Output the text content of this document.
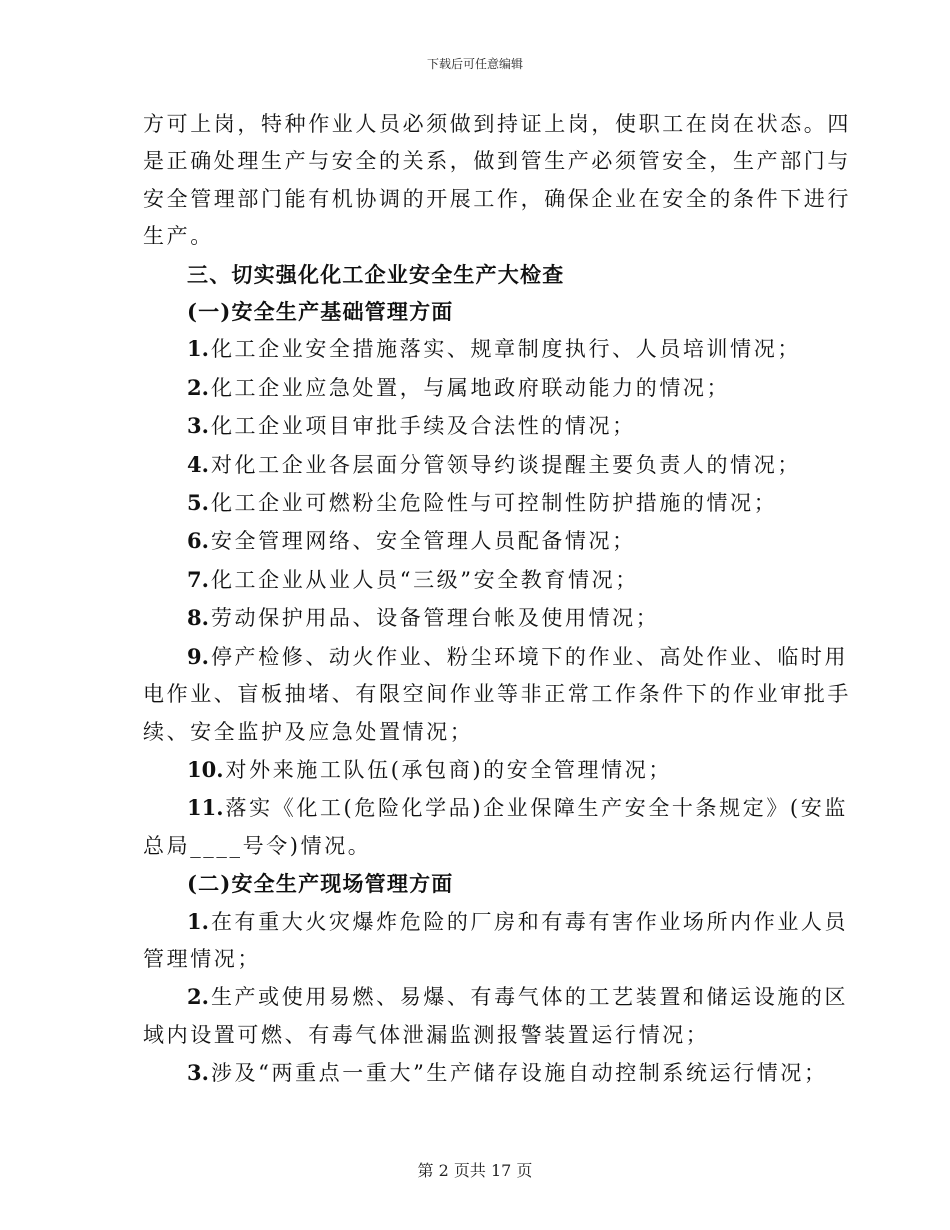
下载后可任意编辑

方可上岗，特种作业人员必须做到持证上岗，使职工在岗在状态。四

是正确处理生产与安全的关系，做到管生产必须管安全，生产部门与

安全管理部门能有机协调的开展工作，确保企业在安全的条件下进行

生产。

三、切实强化化工企业安全生产大检查

(一)安全生产基础管理方面

1.化工企业安全措施落实、规章制度执行、人员培训情况；

2.化工企业应急处置，与属地政府联动能力的情况；

3.化工企业项目审批手续及合法性的情况；

4.对化工企业各层面分管领导约谈提醒主要负责人的情况；

5.化工企业可燃粉尘危险性与可控制性防护措施的情况；

6.安全管理网络、安全管理人员配备情况；

7.化工企业从业人员“三级”安全教育情况；

8.劳动保护用品、设备管理台帐及使用情况；

9.停产检修、动火作业、粉尘环境下的作业、高处作业、临时用

电作业、盲板抽堵、有限空间作业等非正常工作条件下的作业审批手

续、安全监护及应急处置情况；

10.对外来施工队伍(承包商)的安全管理情况；

11.落实《化工(危险化学品)企业保障生产安全十条规定》(安监

总局____号令)情况。

(二)安全生产现场管理方面

1.在有重大火灾爆炸危险的厂房和有毒有害作业场所内作业人员

管理情况；

2.生产或使用易燃、易爆、有毒气体的工艺装置和储运设施的区

域内设置可燃、有毒气体泄漏监测报警装置运行情况；

3.涉及“两重点一重大”生产储存设施自动控制系统运行情况；

第 2 页共 17 页
